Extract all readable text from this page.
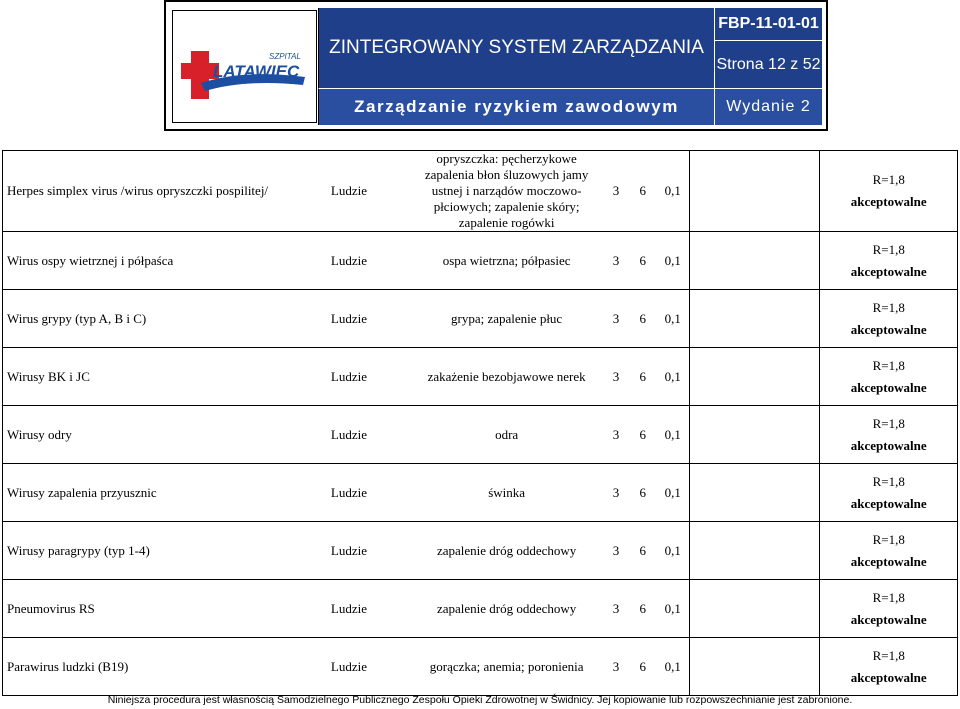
SZPITAL
LATAWIEC
ZINTEGROWANY SYSTEM ZARZĄDZANIA
FBP-11-01-01
Strona 12 z 52
Zarządzanie ryzykiem zawodowym	Wydanie 2
Herpes simplex virus /wirus opryszczki pospilitej/	Ludzie	opryszczka: pęcherzykowe zapalenia błon śluzowych jamy ustnej i narządów moczowo-płciowych; zapalenie skóry; zapalenie rogówki	3	6	0,1		R=1,8
akceptowalne

Wirus ospy wietrznej i półpaśca	Ludzie	ospa wietrzna; półpasiec	3	6	0,1		R=1,8
akceptowalne

Wirus grypy (typ A, B i C)	Ludzie	grypa; zapalenie płuc	3	6	0,1		R=1,8
akceptowalne

Wirusy BK i JC	Ludzie	zakażenie bezobjawowe nerek	3	6	0,1		R=1,8
akceptowalne

Wirusy odry	Ludzie	odra	3	6	0,1		R=1,8
akceptowalne

Wirusy zapalenia przyusznic	Ludzie	świnka	3	6	0,1		R=1,8
akceptowalne

Wirusy paragrypy (typ 1-4)	Ludzie	zapalenie dróg oddechowy	3	6	0,1		R=1,8
akceptowalne

Pneumovirus RS	Ludzie	zapalenie dróg oddechowy	3	6	0,1		R=1,8
akceptowalne

Parawirus ludzki (B19)	Ludzie	gorączka; anemia; poronienia	3	6	0,1		R=1,8
akceptowalne
Niniejsza procedura jest własnością Samodzielnego Publicznego Zespołu Opieki Zdrowotnej w Świdnicy. Jej kopiowanie lub rozpowszechnianie jest zabronione.
